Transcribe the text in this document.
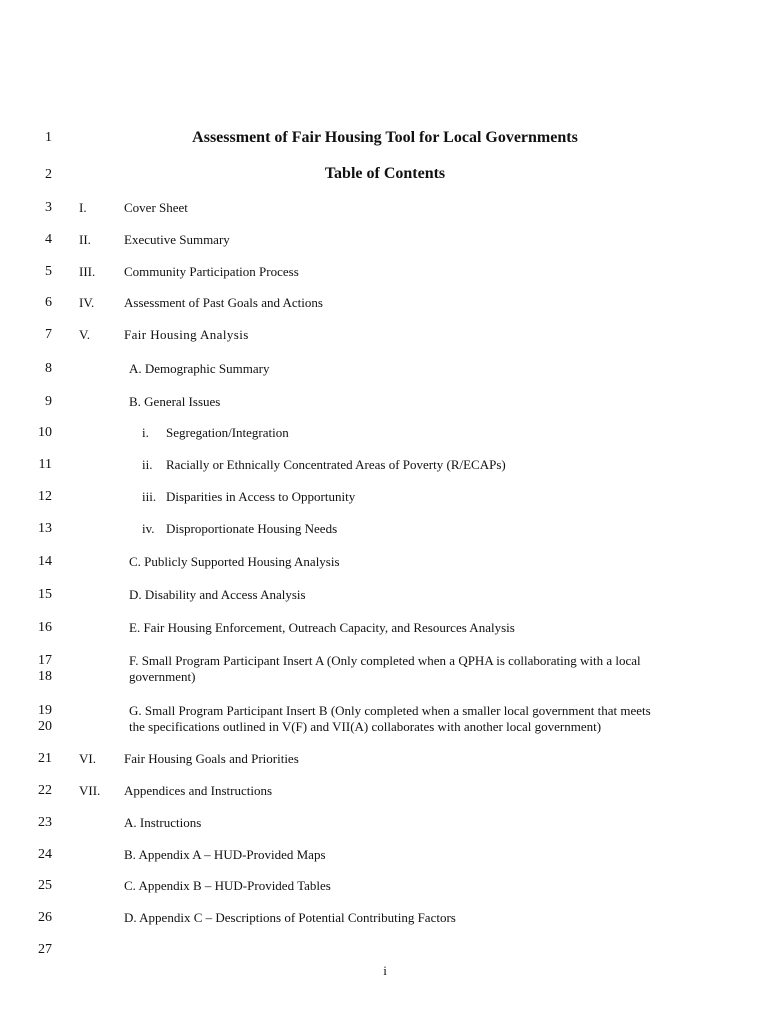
1
2
3
4
5
6
7
8
9
10
11
12
13
14
15
16
17
18
19
20
21
22
23
24
25
26
27
Assessment of Fair Housing Tool for Local Governments
Table of Contents
I.	Cover Sheet
II.	Executive Summary
III. Community Participation Process
IV. Assessment of Past Goals and Actions
V.	Fair Housing Analysis
A. Demographic Summary
B. General Issues
i. Segregation/Integration
ii. Racially or Ethnically Concentrated Areas of Poverty (R/ECAPs)
iii. Disparities in Access to Opportunity
iv. Disproportionate Housing Needs
C. Publicly Supported Housing Analysis
D. Disability and Access Analysis
E. Fair Housing Enforcement, Outreach Capacity, and Resources Analysis
F. Small Program Participant Insert A (Only completed when a QPHA is collaborating with a local
government)
G. Small Program Participant Insert B (Only completed when a smaller local government that meets
the specifications outlined in V(F) and VII(A) collaborates with another local government)
VI. Fair Housing Goals and Priorities
VII. Appendices and Instructions
A. Instructions
B. Appendix A – HUD-Provided Maps
C. Appendix B – HUD-Provided Tables
D. Appendix C – Descriptions of Potential Contributing Factors
i
